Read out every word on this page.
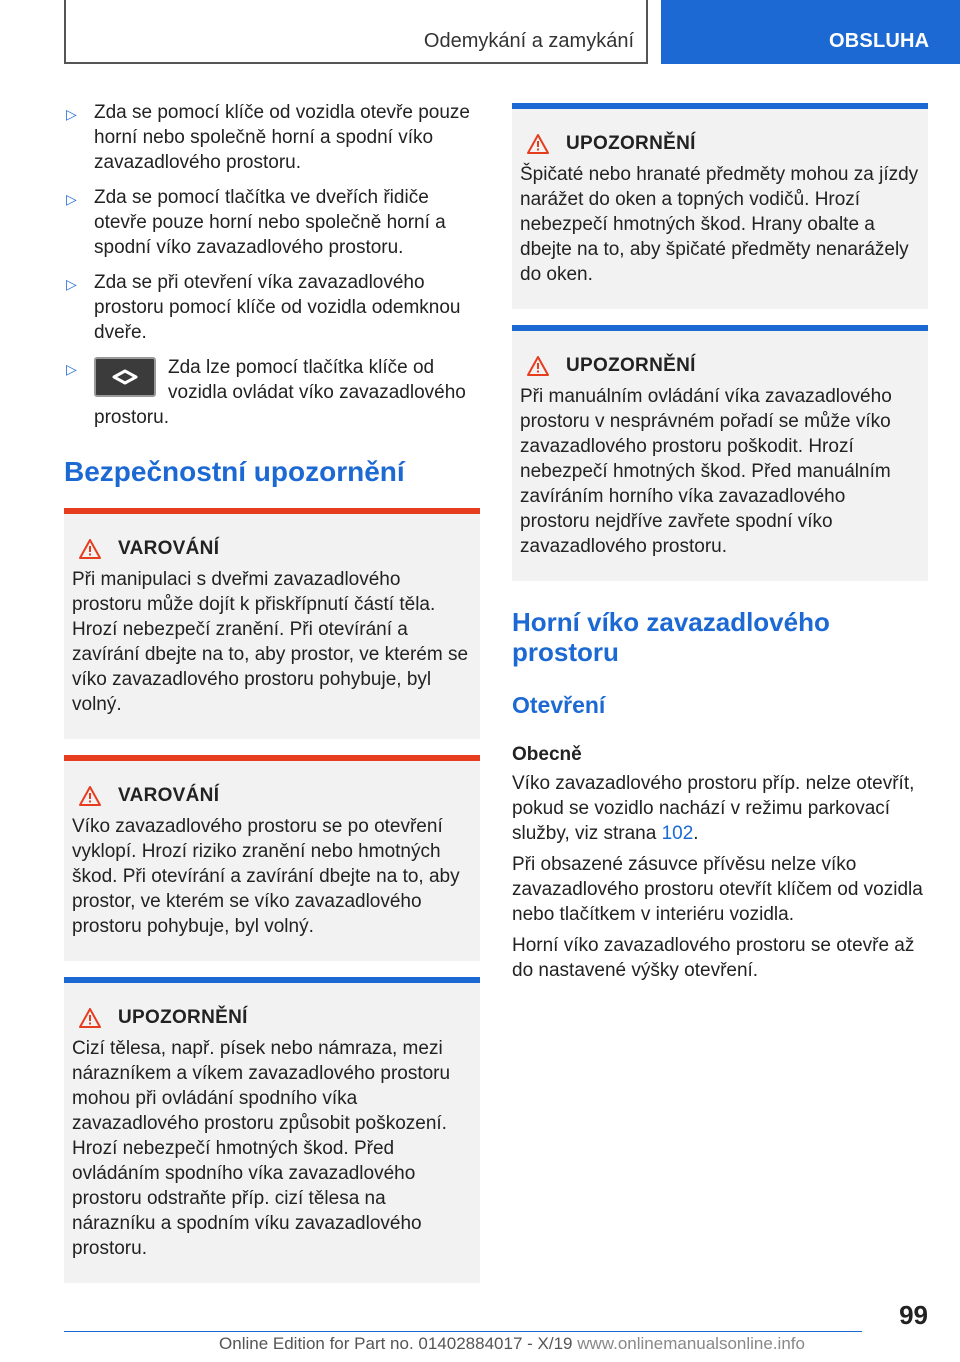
Odemykání a zamykání	OBSLUHA
▷ Zda se pomocí klíče od vozidla otevře pouze horní nebo společně horní a spodní víko zavazadlového prostoru.
▷ Zda se pomocí tlačítka ve dveřích řidiče otevře pouze horní nebo společně horní a spodní víko zavazadlového prostoru.
▷ Zda se při otevření víka zavazadlového prostoru pomocí klíče od vozidla odemknou dveře.
▷	Zda lze pomocí tlačítka klíče od vozidla ovládat víko zavazadlového prostoru.
Bezpečnostní upozornění
VAROVÁNÍ
Při manipulaci s dveřmi zavazadlového prostoru může dojít k přiskřípnutí částí těla. Hrozí nebezpečí zranění. Při otevírání a zavírání dbejte na to, aby prostor, ve kterém se víko zavazadlového prostoru pohybuje, byl volný.
VAROVÁNÍ
Víko zavazadlového prostoru se po otevření vyklopí. Hrozí riziko zranění nebo hmotných škod. Při otevírání a zavírání dbejte na to, aby prostor, ve kterém se víko zavazadlového prostoru pohybuje, byl volný.
UPOZORNĚNÍ
Cizí tělesa, např. písek nebo námraza, mezi nárazníkem a víkem zavazadlového prostoru mohou při ovládání spodního víka zavazadlového prostoru způsobit poškození. Hrozí nebezpečí hmotných škod. Před ovládáním spodního víka zavazadlového prostoru odstraňte příp. cizí tělesa na nárazníku a spodním víku zavazadlového prostoru.
UPOZORNĚNÍ
Špičaté nebo hranaté předměty mohou za jízdy narážet do oken a topných vodičů. Hrozí nebezpečí hmotných škod. Hrany obalte a dbejte na to, aby špičaté předměty nenarážely do oken.
UPOZORNĚNÍ
Při manuálním ovládání víka zavazadlového prostoru v nesprávném pořadí se může víko zavazadlového prostoru poškodit. Hrozí nebezpečí hmotných škod. Před manuálním zavíráním horního víka zavazadlového prostoru nejdříve zavřete spodní víko zavazadlového prostoru.
Horní víko zavazadlového prostoru
Otevření
Obecně
Víko zavazadlového prostoru příp. nelze otevřít, pokud se vozidlo nachází v režimu parkovací služby, viz strana 102.
Při obsazené zásuvce přívěsu nelze víko zavazadlového prostoru otevřít klíčem od vozidla nebo tlačítkem v interiéru vozidla.
Horní víko zavazadlového prostoru se otevře až do nastavené výšky otevření.
99
Online Edition for Part no. 01402884017 - X/19 www.onlinemanualsonline.info
